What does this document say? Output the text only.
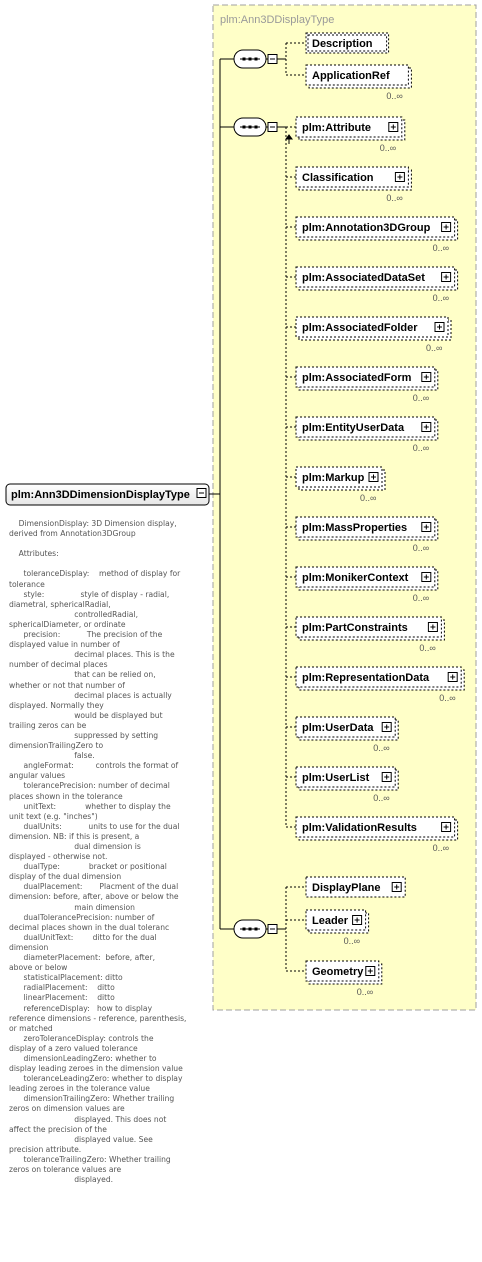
plm:Ann3DDisplayType
Description
ApplicationRef
0..∞
plm:Attribute
0..∞
Classification
0..∞
plm:Annotation3DGroup
0..∞
plm:AssociatedDataSet
0..∞
plm:AssociatedFolder
0..∞
plm:AssociatedForm
0..∞
plm:EntityUserData
0..∞
plm:Markup
0..∞
plm:MassProperties
0..∞
plm:MonikerContext
0..∞
plm:PartConstraints
0..∞
plm:RepresentationData
0..∞
plm:UserData
0..∞
plm:UserList
0..∞
plm:ValidationResults
0..∞
DisplayPlane
Leader
0..∞
Geometry
0..∞
plm:Ann3DDimensionDisplayType
DimensionDisplay: 3D Dimension display,
derived from Annotation3DGroup

Attributes:

toleranceDisplay:    method of display for
tolerance
style:               style of display - radial,
diametral, sphericalRadial,
controlledRadial,
sphericalDiameter, or ordinate
precision:           The precision of the
displayed value in number of
decimal places. This is the
number of decimal places
that can be relied on,
whether or not that number of
decimal places is actually
displayed. Normally they
would be displayed but
trailing zeros can be
suppressed by setting
dimensionTrailingZero to
false.
angleFormat:         controls the format of
angular values
tolerancePrecision: number of decimal
places shown in the tolerance
unitText:            whether to display the
unit text (e.g. "inches")
dualUnits:           units to use for the dual
dimension. NB: if this is present, a
dual dimension is
displayed - otherwise not.
dualType:            bracket or positional
display of the dual dimension
dualPlacement:       Placment of the dual
dimension: before, after, above or below the
main dimension
dualTolerancePrecision: number of
decimal places shown in the dual toleranc
dualUnitText:        ditto for the dual
dimension
diameterPlacement:  before, after,
above or below
statisticalPlacement: ditto
radialPlacement:    ditto
linearPlacement:    ditto
referenceDisplay:   how to display
reference dimensions - reference, parenthesis,
or matched
zeroToleranceDisplay: controls the
display of a zero valued tolerance
dimensionLeadingZero: whether to
display leading zeroes in the dimension value
toleranceLeadingZero: whether to display
leading zeroes in the tolerance value
dimensionTrailingZero: Whether trailing
zeros on dimension values are
displayed. This does not
affect the precision of the
displayed value. See
precision attribute.
toleranceTrailingZero: Whether trailing
zeros on tolerance values are
displayed.
